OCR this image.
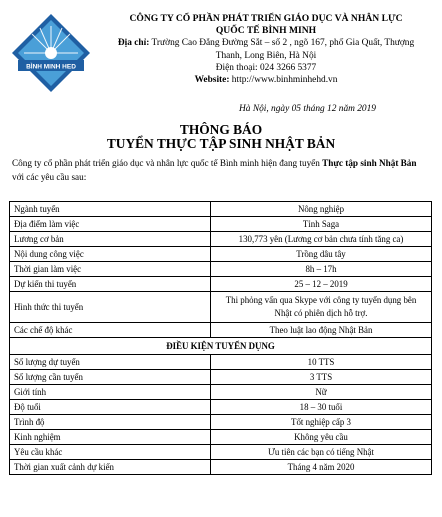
BÌNH MINH HED
CÔNG TY CỔ PHẦN PHÁT TRIỂN GIÁO DỤC VÀ NHÂN LỰC
QUỐC TẾ BÌNH MINH
Địa chỉ: Trường Cao Đẳng Đường Sắt – số 2 , ngõ 167, phố Gia Quất, Thượng
Thanh, Long Biên, Hà Nội
Điện thoại: 024 3266 5377
Website: http://www.binhminhehd.vn
Hà Nội, ngày 05 tháng 12 năm 2019
THÔNG BÁO
TUYỂN THỰC TẬP SINH NHẬT BẢN
Công ty cổ phần phát triển giáo dục và nhân lực quốc tế Bình minh hiện đang tuyển Thực tập sinh Nhật Bản
với các yêu cầu sau:
Ngành tuyển	Nông nghiệp
Địa điểm làm việc	Tỉnh Saga
Lương cơ bản	130,773 yên (Lương cơ bản chưa tính tăng ca)
Nội dung công việc	Trồng dâu tây
Thời gian làm việc	8h – 17h
Dự kiến thi tuyển	25 – 12 – 2019
Hình thức thi tuyển	Thi phỏng vấn qua Skype với công ty tuyển dụng bên
Nhật có phiên dịch hỗ trợ.

Các chế độ khác	Theo luật lao động Nhật Bản
ĐIỀU KIỆN TUYỂN DỤNG	
Số lượng dự tuyển	10 TTS
Số lượng cần tuyển	3 TTS
Giới tính	Nữ
Độ tuổi	18 – 30 tuổi
Trình độ	Tốt nghiệp cấp 3
Kinh nghiệm	Không yêu cầu
Yêu cầu khác	Ưu tiên các bạn có tiếng Nhật
Thời gian xuất cảnh dự kiến	Tháng 4 năm 2020
